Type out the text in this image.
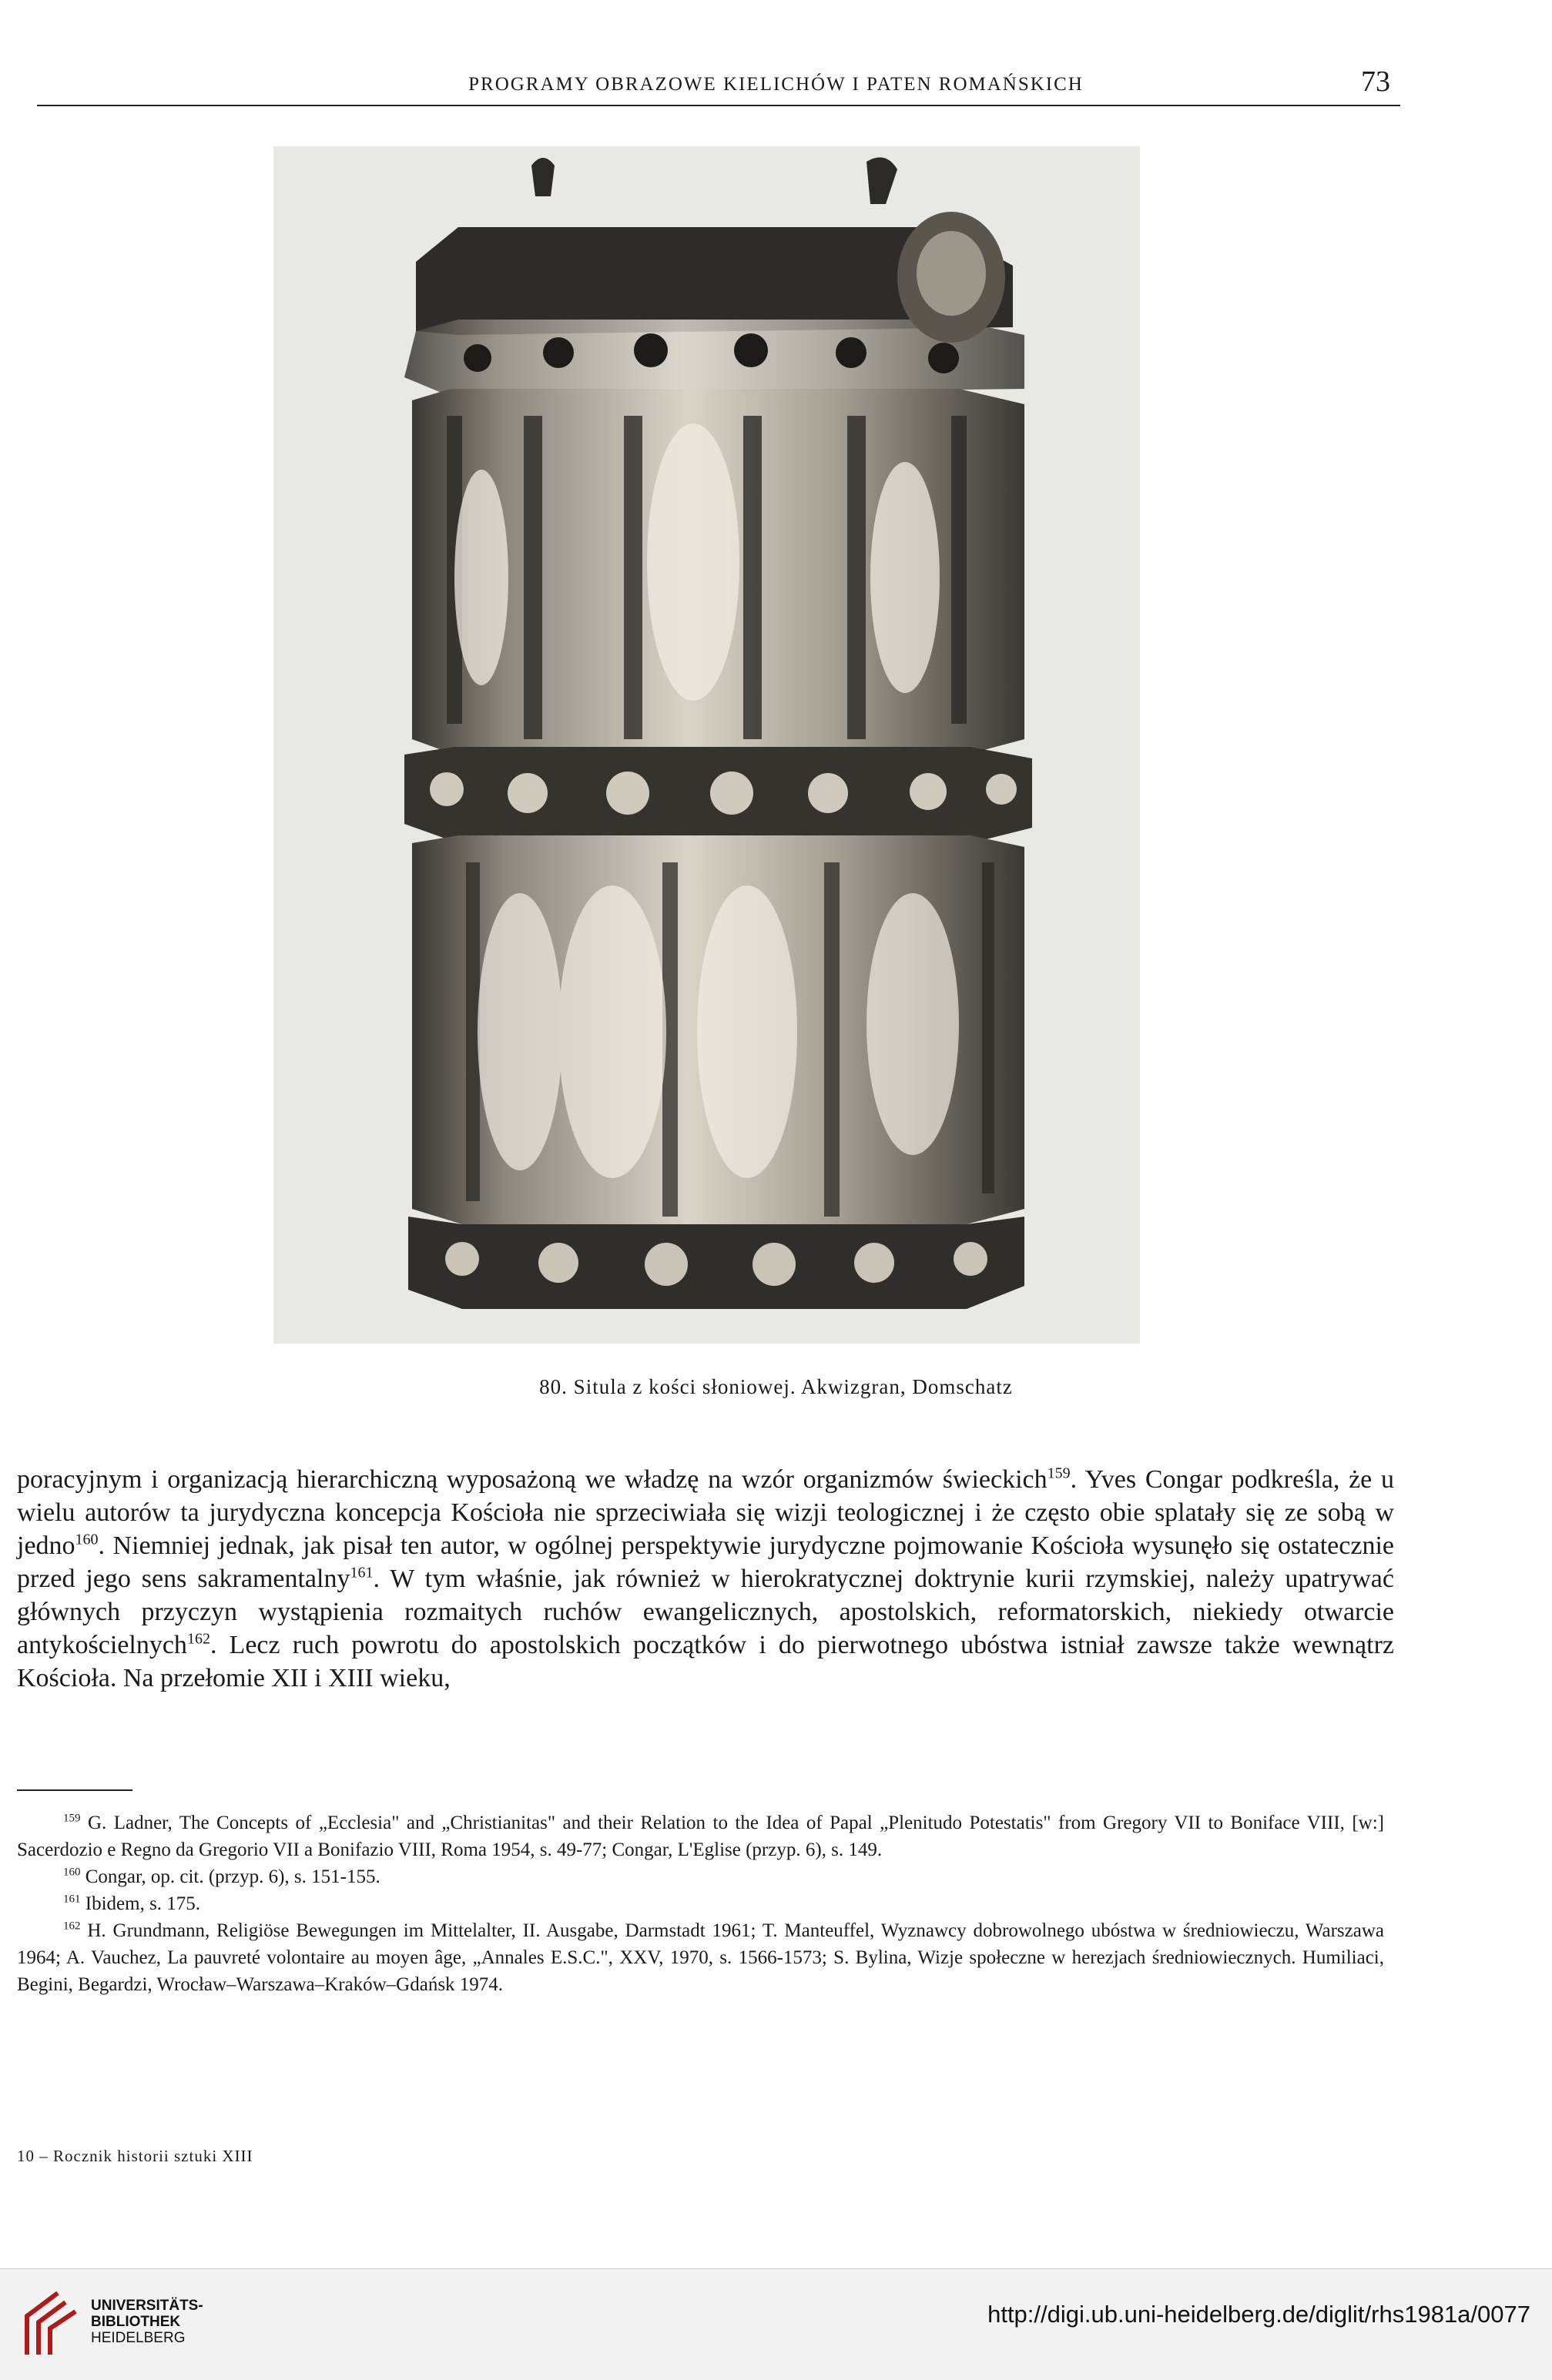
PROGRAMY OBRAZOWE KIELICHÓW I PATEN ROMAŃSKICH	73
80. Situla z kości słoniowej. Akwizgran, Domschatz
poracyjnym i organizacją hierarchiczną wyposażoną we władzę na wzór organizmów świeckich$^{159}$. Yves Congar podkreśla, że u wielu autorów ta jurydyczna koncepcja Kościoła nie sprzeciwiała się wizji teologicznej i że często obie splatały się ze sobą w jedno$^{160}$. Niemniej jednak, jak pisał ten autor, w ogólnej perspektywie jurydyczne pojmowanie Kościoła wysunęło się ostatecznie przed jego sens sakramentalny$^{161}$. W tym właśnie, jak również w hierokratycznej doktrynie kurii rzymskiej, należy upatrywać głównych przyczyn wystąpienia rozmaitych ruchów ewangelicznych, apostolskich, reformatorskich, niekiedy otwarcie antykościelnych$^{162}$. Lecz ruch powrotu do apostolskich początków i do pierwotnego ubóstwa istniał zawsze także wewnątrz Kościoła. Na przełomie XII i XIII wieku,

$^{159}$ G. Ladner, The Concepts of „Ecclesia" and „Christianitas" and their Relation to the Idea of Papal „Plenitudo Potestatis" from Gregory VII to Boniface VIII, [w:] Sacerdozio e Regno da Gregorio VII a Bonifazio VIII, Roma 1954, s. 49-77; Congar, L'Eglise (przyp. 6), s. 149.

$^{160}$ Congar, op. cit. (przyp. 6), s. 151-155.

$^{161}$ Ibidem, s. 175.

$^{162}$ H. Grundmann, Religiöse Bewegungen im Mittelalter, II. Ausgabe, Darmstadt 1961; T. Manteuffel, Wyznawcy dobrowolnego ubóstwa w średniowieczu, Warszawa 1964; A. Vauchez, La pauvreté volontaire au moyen âge, „Annales E.S.C.", XXV, 1970, s. 1566-1573; S. Bylina, Wizje społeczne w herezjach średniowiecznych. Humiliaci, Begini, Begardzi, Wrocław–Warszawa–Kraków–Gdańsk 1974.

10 – Rocznik historii sztuki XIII
UNIVERSITÄTS-
BIBLIOTHEK
HEIDELBERG
http://digi.ub.uni-heidelberg.de/diglit/rhs1981a/0077
